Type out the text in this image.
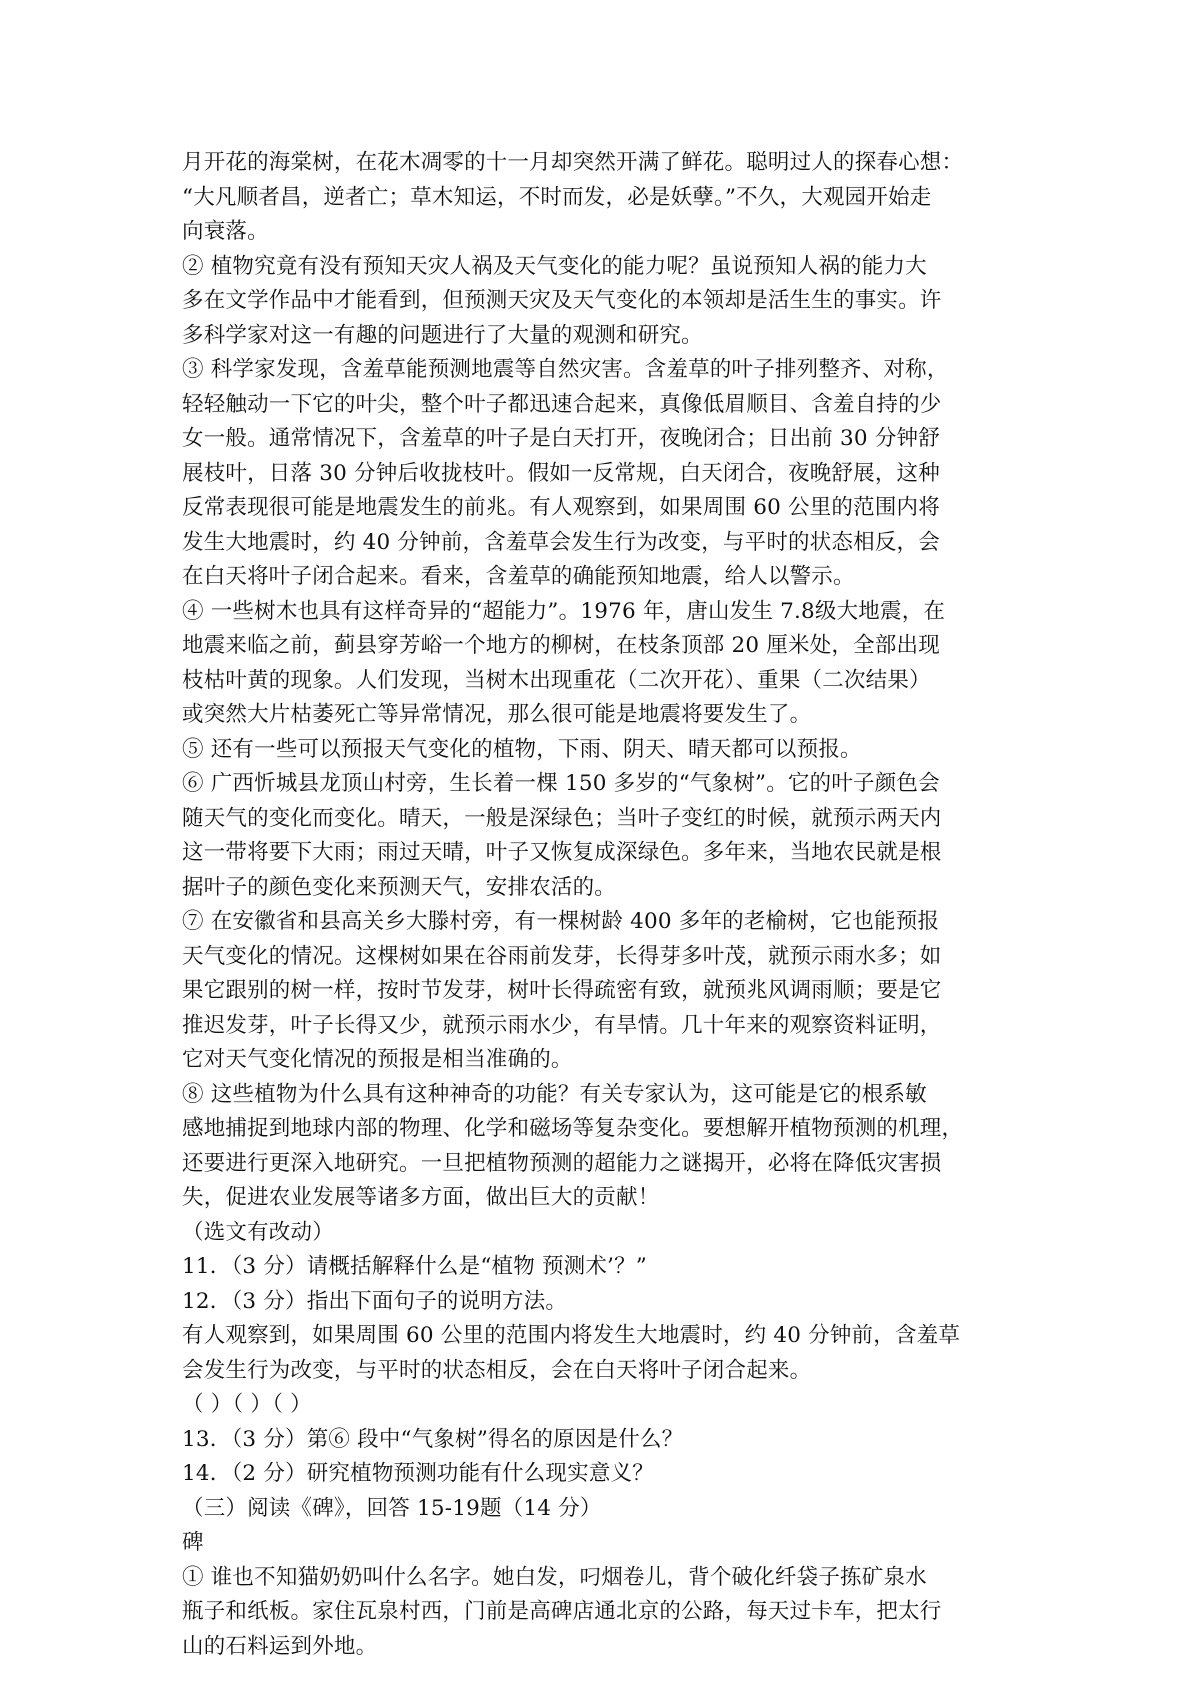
月开花的海棠树，在花木凋零的十一月却突然开满了鲜花。聪明过人的探春心想：
“大凡顺者昌，逆者亡；草木知运，不时而发，必是妖孽。”不久，大观园开始走
向衰落。
② 植物究竟有没有预知天灾人祸及天气变化的能力呢？虽说预知人祸的能力大
多在文学作品中才能看到，但预测天灾及天气变化的本领却是活生生的事实。许
多科学家对这一有趣的问题进行了大量的观测和研究。
③ 科学家发现，含羞草能预测地震等自然灾害。含羞草的叶子排列整齐、对称，
轻轻触动一下它的叶尖，整个叶子都迅速合起来，真像低眉顺目、含羞自持的少
女一般。通常情况下，含羞草的叶子是白天打开，夜晚闭合；日出前 30 分钟舒
展枝叶，日落 30 分钟后收拢枝叶。假如一反常规，白天闭合，夜晚舒展，这种
反常表现很可能是地震发生的前兆。有人观察到，如果周围 60 公里的范围内将
发生大地震时，约 40 分钟前，含羞草会发生行为改变，与平时的状态相反，会
在白天将叶子闭合起来。看来，含羞草的确能预知地震，给人以警示。
④ 一些树木也具有这样奇异的“超能力”。1976 年，唐山发生 7.8级大地震，在
地震来临之前，蓟县穿芳峪一个地方的柳树，在枝条顶部 20 厘米处，全部出现
枝枯叶黄的现象。人们发现，当树木出现重花（二次开花）、重果（二次结果）
或突然大片枯萎死亡等异常情况，那么很可能是地震将要发生了。
⑤ 还有一些可以预报天气变化的植物，下雨、阴天、晴天都可以预报。
⑥ 广西忻城县龙顶山村旁，生长着一棵 150 多岁的“气象树”。它的叶子颜色会
随天气的变化而变化。晴天，一般是深绿色；当叶子变红的时候，就预示两天内
这一带将要下大雨；雨过天晴，叶子又恢复成深绿色。多年来，当地农民就是根
据叶子的颜色变化来预测天气，安排农活的。
⑦ 在安徽省和县高关乡大滕村旁，有一棵树龄 400 多年的老榆树，它也能预报
天气变化的情况。这棵树如果在谷雨前发芽，长得芽多叶茂，就预示雨水多；如
果它跟别的树一样，按时节发芽，树叶长得疏密有致，就预兆风调雨顺；要是它
推迟发芽，叶子长得又少，就预示雨水少，有旱情。几十年来的观察资料证明，
它对天气变化情况的预报是相当准确的。
⑧ 这些植物为什么具有这种神奇的功能？有关专家认为，这可能是它的根系敏
感地捕捉到地球内部的物理、化学和磁场等复杂变化。要想解开植物预测的机理，
还要进行更深入地研究。一旦把植物预测的超能力之谜揭开，必将在降低灾害损
失，促进农业发展等诸多方面，做出巨大的贡献！
（选文有改动）
11．（3 分）请概括解释什么是“植物 预测术’？”
12．（3 分）指出下面句子的说明方法。
有人观察到，如果周围 60 公里的范围内将发生大地震时，约 40 分钟前，含羞草
会发生行为改变，与平时的状态相反，会在白天将叶子闭合起来。
（ ）（ ）（ ）
13．（3 分）第⑥ 段中“气象树”得名的原因是什么？
14．（2 分）研究植物预测功能有什么现实意义？
（三）阅读《碑》，回答 15-19题（14 分）
碑
① 谁也不知猫奶奶叫什么名字。她白发，叼烟卷儿，背个破化纤袋子拣矿泉水
瓶子和纸板。家住瓦泉村西，门前是高碑店通北京的公路，每天过卡车，把太行
山的石料运到外地。
